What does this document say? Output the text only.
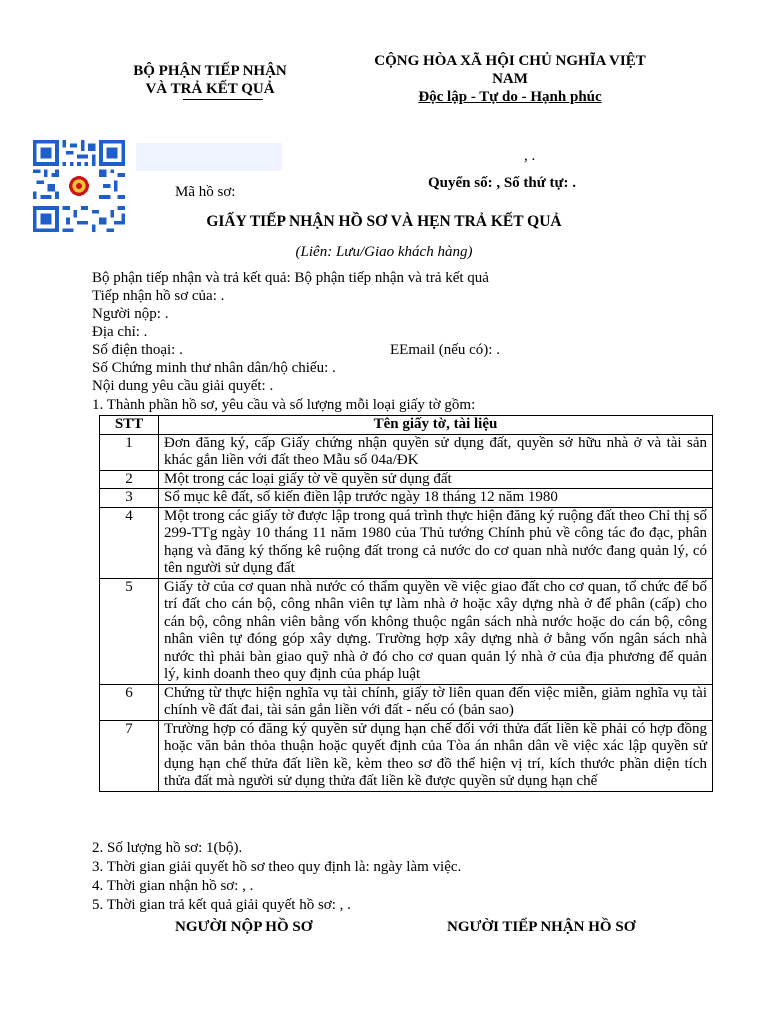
BỘ PHẬN TIẾP NHẬN
VÀ TRẢ KẾT QUẢ
CỘNG HÒA XÃ HỘI CHỦ NGHĨA VIỆT
NAM
Độc lập - Tự do - Hạnh phúc
, .
Mã hồ sơ:
Quyển số: , Số thứ tự: .
GIẤY TIẾP NHẬN HỒ SƠ VÀ HẸN TRẢ KẾT QUẢ
(Liên: Lưu/Giao khách hàng)
Bộ phận tiếp nhận và trả kết quả: Bộ phận tiếp nhận và trả kết quả
Tiếp nhận hồ sơ của: .
Người nộp: .
Địa chỉ: .
Số điện thoại: .	EEmail (nếu có): .
Số Chứng minh thư nhân dân/hộ chiếu: .
Nội dung yêu cầu giải quyết: .
1. Thành phần hồ sơ, yêu cầu và số lượng mỗi loại giấy tờ gồm:
STT	Tên giấy tờ, tài liệu
1	Đơn đăng ký, cấp Giấy chứng nhận quyền sử dụng đất, quyền sở hữu nhà ở và tài sản khác gắn liền với đất theo Mẫu số 04a/ĐK
2	Một trong các loại giấy tờ về quyền sử dụng đất
3	Sổ mục kê đất, sổ kiến điền lập trước ngày 18 tháng 12 năm 1980
4	Một trong các giấy tờ được lập trong quá trình thực hiện đăng ký ruộng đất theo Chỉ thị số 299-TTg ngày 10 tháng 11 năm 1980 của Thủ tướng Chính phủ về công tác đo đạc, phân hạng và đăng ký thống kê ruộng đất trong cả nước do cơ quan nhà nước đang quản lý, có tên người sử dụng đất
5	Giấy tờ của cơ quan nhà nước có thẩm quyền về việc giao đất cho cơ quan, tổ chức để bố trí đất cho cán bộ, công nhân viên tự làm nhà ở hoặc xây dựng nhà ở để phân (cấp) cho cán bộ, công nhân viên bằng vốn không thuộc ngân sách nhà nước hoặc do cán bộ, công nhân viên tự đóng góp xây dựng. Trường hợp xây dựng nhà ở bằng vốn ngân sách nhà nước thì phải bàn giao quỹ nhà ở đó cho cơ quan quản lý nhà ở của địa phương để quản lý, kinh doanh theo quy định của pháp luật
6	Chứng từ thực hiện nghĩa vụ tài chính, giấy tờ liên quan đến việc miễn, giảm nghĩa vụ tài chính về đất đai, tài sản gắn liền với đất - nếu có (bản sao)
7	Trường hợp có đăng ký quyền sử dụng hạn chế đối với thửa đất liền kề phải có hợp đồng hoặc văn bản thỏa thuận hoặc quyết định của Tòa án nhân dân về việc xác lập quyền sử dụng hạn chế thửa đất liền kề, kèm theo sơ đồ thể hiện vị trí, kích thước phần diện tích thửa đất mà người sử dụng thửa đất liền kề được quyền sử dụng hạn chế
2. Số lượng hồ sơ: 1(bộ).
3. Thời gian giải quyết hồ sơ theo quy định là: ngày làm việc.
4. Thời gian nhận hồ sơ: , .
5. Thời gian trả kết quả giải quyết hồ sơ: , .
NGƯỜI NỘP HỒ SƠ	NGƯỜI TIẾP NHẬN HỒ SƠ
